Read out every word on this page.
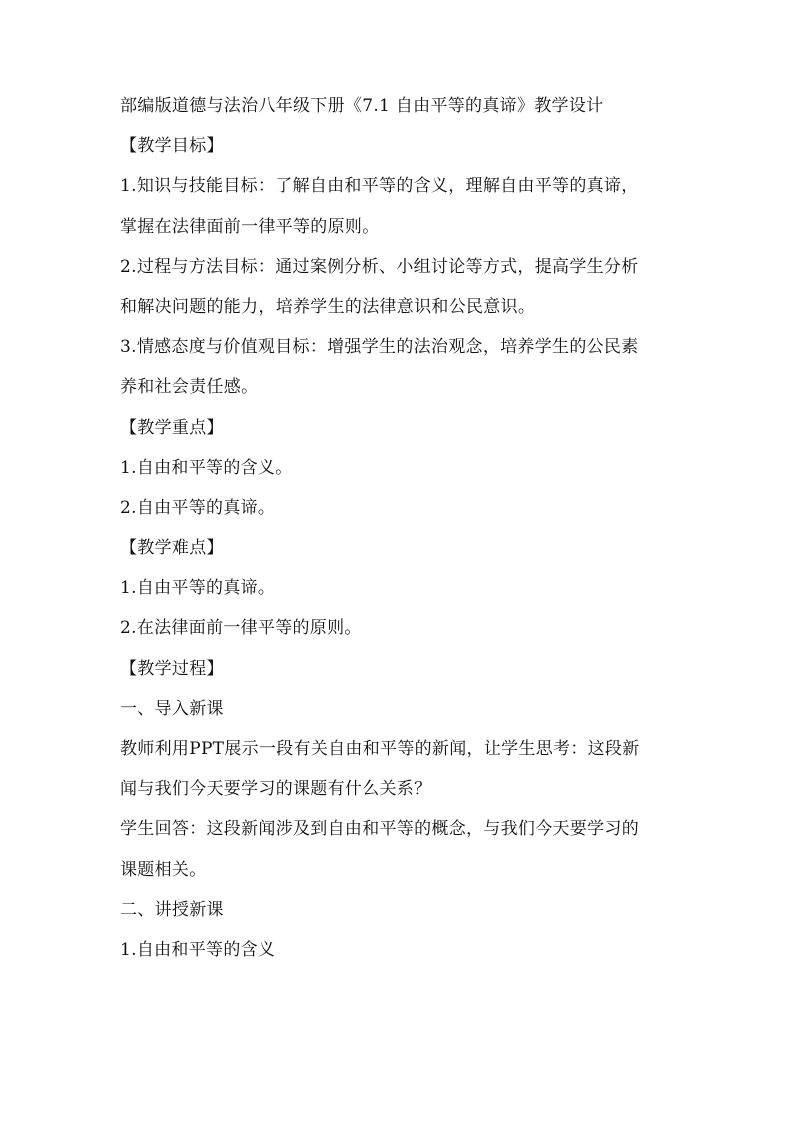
部编版道德与法治八年级下册《7.1 自由平等的真谛》教学设计
【教学目标】
1.知识与技能目标：了解自由和平等的含义，理解自由平等的真谛，
掌握在法律面前一律平等的原则。
2.过程与方法目标：通过案例分析、小组讨论等方式，提高学生分析
和解决问题的能力，培养学生的法律意识和公民意识。
3.情感态度与价值观目标：增强学生的法治观念，培养学生的公民素
养和社会责任感。
【教学重点】
1.自由和平等的含义。
2.自由平等的真谛。
【教学难点】
1.自由平等的真谛。
2.在法律面前一律平等的原则。
【教学过程】
一、导入新课
教师利用PPT展示一段有关自由和平等的新闻，让学生思考：这段新
闻与我们今天要学习的课题有什么关系？
学生回答：这段新闻涉及到自由和平等的概念，与我们今天要学习的
课题相关。
二、讲授新课
1.自由和平等的含义
